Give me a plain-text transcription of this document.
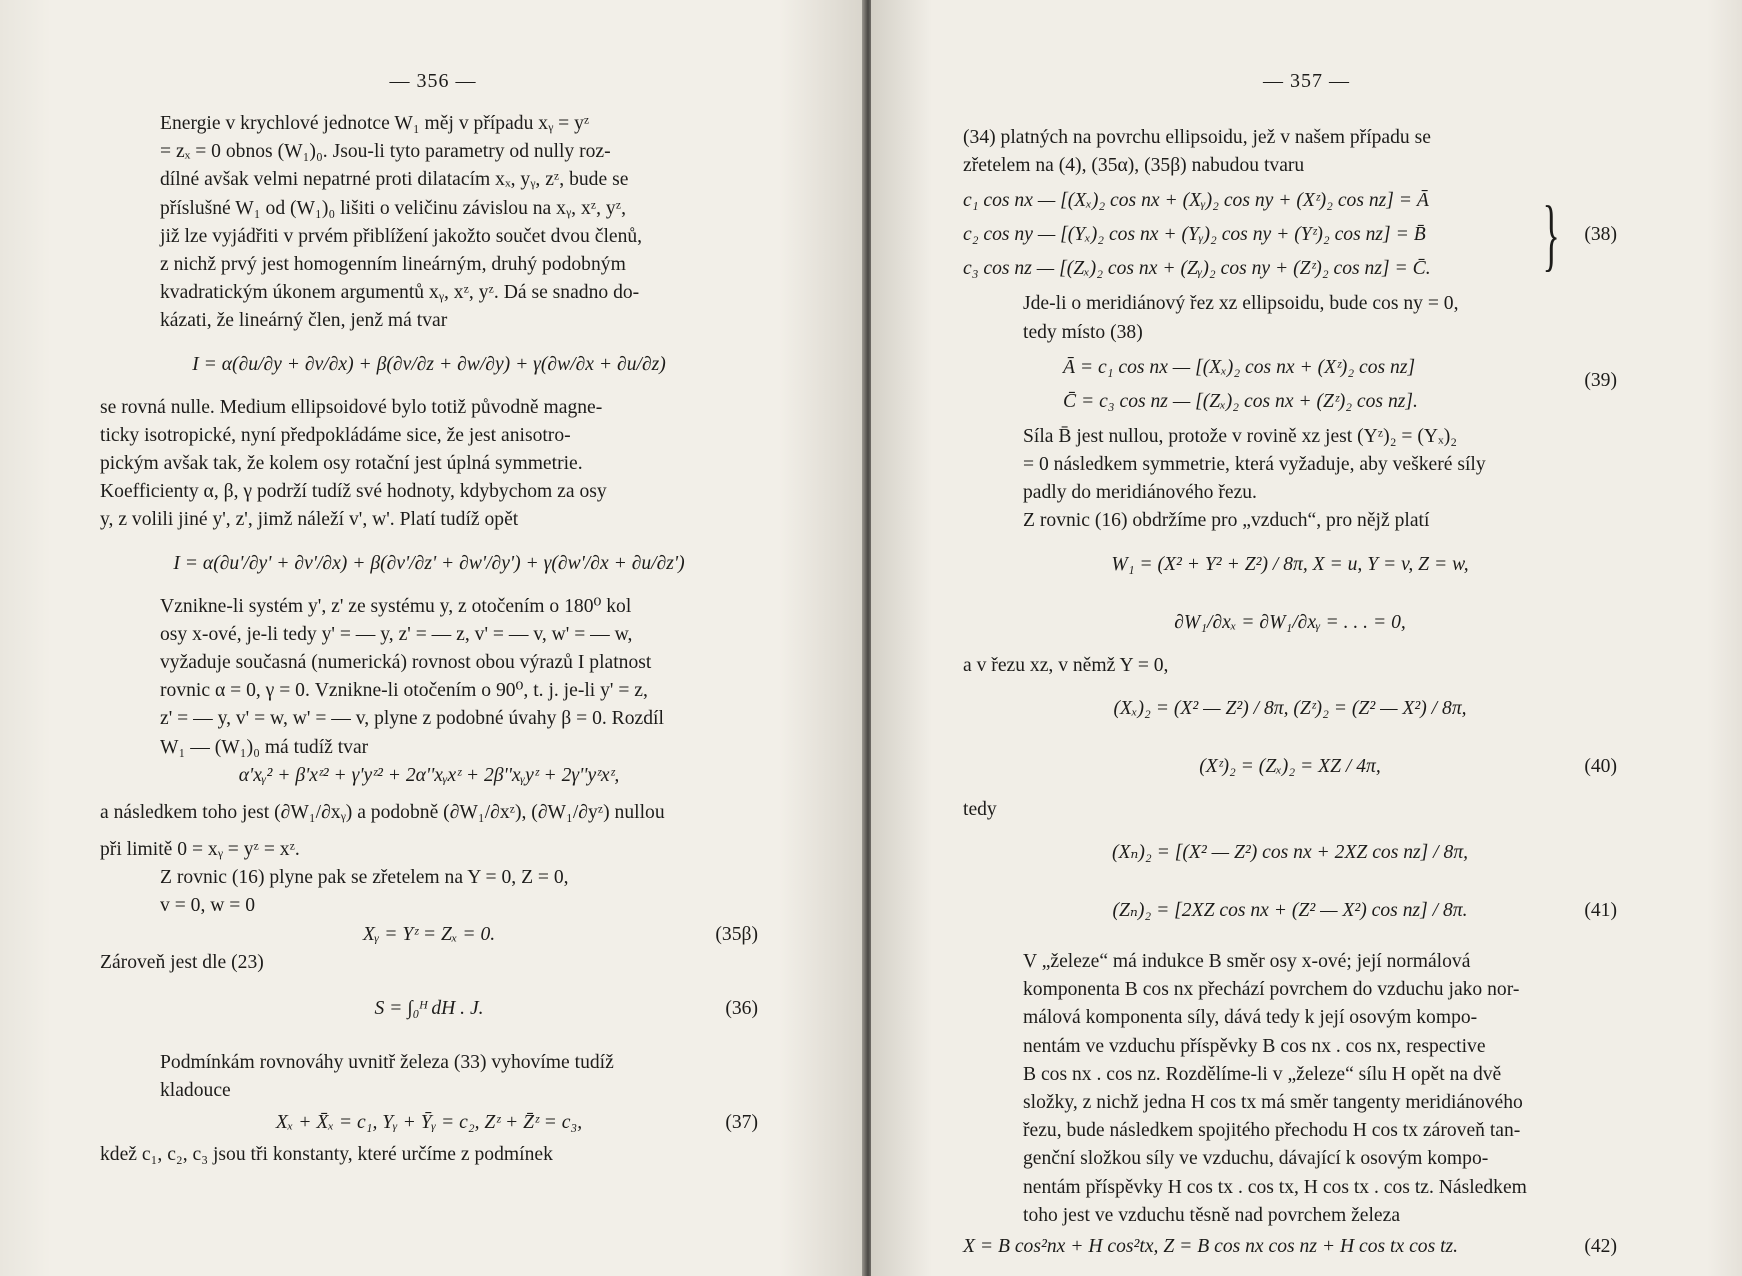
— 356 —

Energie v krychlové jednotce W₁ měj v případu xᵧ = yᶻ
= zₓ = 0 obnos (W₁)₀. Jsou-li tyto parametry od nully roz-
dílné avšak velmi nepatrné proti dilatacím xₓ, yᵧ, zᶻ, bude se
příslušné W₁ od (W₁)₀ lišiti o veličinu závislou na xᵧ, xᶻ, yᶻ,
již lze vyjádřiti v prvém přiblížení jakožto součet dvou členů,
z nichž prvý jest homogenním lineárným, druhý podobným
kvadratickým úkonem argumentů xᵧ, xᶻ, yᶻ. Dá se snadno do-
kázati, že lineárný člen, jenž má tvar

I = α(∂u/∂y + ∂v/∂x) + β(∂v/∂z + ∂w/∂y) + γ(∂w/∂x + ∂u/∂z)

se rovná nulle. Medium ellipsoidové bylo totiž původně magne-
ticky isotropické, nyní předpokládáme sice, že jest anisotro-
pickým avšak tak, že kolem osy rotační jest úplná symmetrie.
Koefficienty α, β, γ podrží tudíž své hodnoty, kdybychom za osy
y, z volili jiné y', z', jimž náleží v', w'. Platí tudíž opět

I = α(∂u'/∂y' + ∂v'/∂x) + β(∂v'/∂z' + ∂w'/∂y') + γ(∂w'/∂x + ∂u/∂z')

Vznikne-li systém y', z' ze systému y, z otočením o 180⁰ kol
osy x-ové, je-li tedy y' = — y, z' = — z, v' = — v, w' = — w,
vyžaduje současná (numerická) rovnost obou výrazů I platnost
rovnic α = 0, γ = 0. Vznikne-li otočením o 90⁰, t. j. je-li y' = z,
z' = — y, v' = w, w' = — v, plyne z podobné úvahy β = 0. Rozdíl
W₁ — (W₁)₀ má tudíž tvar

α'xᵧ² + β'xᶻ² + γ'yᶻ² + 2α''xᵧxᶻ + 2β''xᵧyᶻ + 2γ''yᶻxᶻ,
a následkem toho jest (∂W₁/∂xᵧ) a podobně (∂W₁/∂xᶻ), (∂W₁/∂yᶻ) nullou
při limitě 0 = xᵧ = yᶻ = xᶻ.

Z rovnic (16) plyne pak se zřetelem na Y = 0, Z = 0,
v = 0, w = 0

Xᵧ = Yᶻ = Zₓ = 0.	(35β)
Zároveň jest dle (23)
S = ∫₀ᴴ dH . J.	(36)

Podmínkám rovnováhy uvnitř železa (33) vyhovíme tudíž
kladouce

Xₓ + X̄ₓ = c₁, Yᵧ + Ȳᵧ = c₂, Zᶻ + Z̄ᶻ = c₃,	(37)
kdež c₁, c₂, c₃ jsou tři konstanty, které určíme z podmínek
— 357 —

(34) platných na povrchu ellipsoidu, jež v našem případu se
zřetelem na (4), (35α), (35β) nabudou tvaru

c₁ cos nx — [(Xₓ)₂ cos nx + (Xᵧ)₂ cos ny + (Xᶻ)₂ cos nz] = Ā
c₂ cos ny — [(Yₓ)₂ cos nx + (Yᵧ)₂ cos ny + (Yᶻ)₂ cos nz] = B̄
c₃ cos nz — [(Zₓ)₂ cos nx + (Zᵧ)₂ cos ny + (Zᶻ)₂ cos nz] = C̄.	} (38)

Jde-li o meridiánový řez xz ellipsoidu, bude cos ny = 0,
tedy místo (38)

Ā = c₁ cos nx — [(Xₓ)₂ cos nx + (Xᶻ)₂ cos nz]
C̄ = c₃ cos nz — [(Zₓ)₂ cos nx + (Zᶻ)₂ cos nz].
(39)

Síla B̄ jest nullou, protože v rovině xz jest (Yᶻ)₂ = (Yₓ)₂
= 0 následkem symmetrie, která vyžaduje, aby veškeré síly
padly do meridiánového řezu.
Z rovnic (16) obdržíme pro „vzduch“, pro nějž platí

W₁ = (X² + Y² + Z²) / 8π, X = u, Y = v, Z = w,
∂W₁/∂xₓ = ∂W₁/∂xᵧ = . . . = 0,
a v řezu xz, v němž Y = 0,
(Xₓ)₂ = (X² — Z²) / 8π, (Zᶻ)₂ = (Z² — X²) / 8π,
(Xᶻ)₂ = (Zₓ)₂ = XZ / 4π,	(40)
tedy
(Xₙ)₂ = [(X² — Z²) cos nx + 2XZ cos nz] / 8π,
(Zₙ)₂ = [2XZ cos nx + (Z² — X²) cos nz] / 8π.	(41)

V „železe“ má indukce B směr osy x-ové; její normálová
komponenta B cos nx přechází povrchem do vzduchu jako nor-
málová komponenta síly, dává tedy k její osovým kompo-
nentám ve vzduchu příspěvky B cos nx . cos nx, respective
B cos nx . cos nz. Rozdělíme-li v „železe“ sílu H opět na dvě
složky, z nichž jedna H cos tx má směr tangenty meridiánového
řezu, bude následkem spojitého přechodu H cos tx zároveň tan-
genční složkou síly ve vzduchu, dávající k osovým kompo-
nentám příspěvky H cos tx . cos tx, H cos tx . cos tz. Následkem
toho jest ve vzduchu těsně nad povrchem železa

X = B cos²nx + H cos²tx, Z = B cos nx cos nz + H cos tx cos tz.	(42)
